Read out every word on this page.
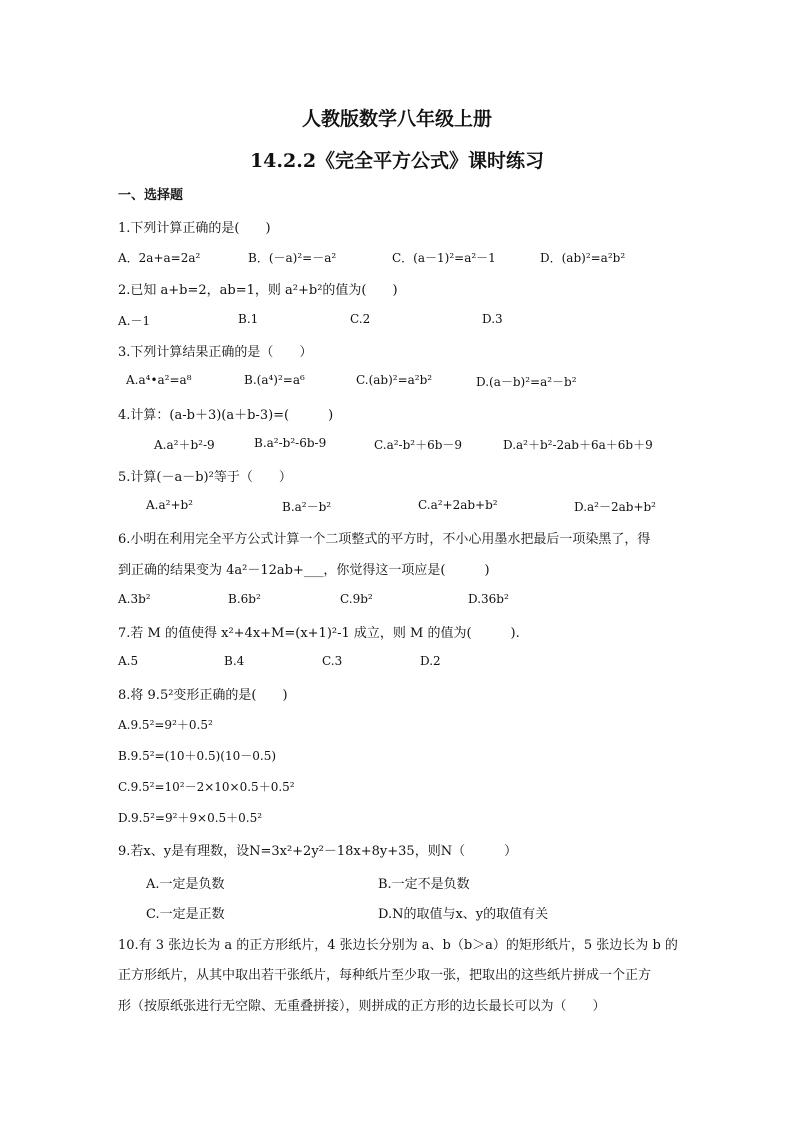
人教版数学八年级上册
14.2.2《完全平方公式》课时练习
一、选择题
1.下列计算正确的是(　　)
A．2a+a=2a²	B．(－a)²=－a²	C．(a－1)²=a²－1	D．(ab)²=a²b²
2.已知 a+b=2，ab=1，则 a²+b²的值为(　　)
A.－1	B.1	C.2	D.3
3.下列计算结果正确的是（　　）
A.a⁴•a²=a⁸	B.(a⁴)²=a⁶	C.(ab)²=a²b²	D.(a－b)²=a²－b²
4.计算：(a-b＋3)(a＋b-3)=(　　　)
A.a²＋b²-9	B.a²-b²-6b-9	C.a²-b²＋6b－9	D.a²＋b²-2ab＋6a＋6b＋9
5.计算(－a－b)²等于（　　）
A.a²+b²	B.a²－b²	C.a²+2ab+b²	D.a²－2ab+b²
6.小明在利用完全平方公式计算一个二项整式的平方时，不小心用墨水把最后一项染黑了，得
到正确的结果变为 4a²－12ab+___，你觉得这一项应是(　　　)
A.3b²	B.6b²	C.9b²	D.36b²
7.若 M 的值使得 x²+4x+M=(x+1)²-1 成立，则 M 的值为(　　　).
A.5	B.4	C.3	D.2
8.将 9.5²变形正确的是(　　)
A.9.5²=9²＋0.5²
B.9.5²=(10＋0.5)(10－0.5)
C.9.5²=10²－2×10×0.5＋0.5²
D.9.5²=9²＋9×0.5＋0.5²
9.若x、y是有理数，设N=3x²+2y²－18x+8y+35，则N（　　　）
A.一定是负数	B.一定不是负数
C.一定是正数	D.N的取值与x、y的取值有关
10.有 3 张边长为 a 的正方形纸片，4 张边长分别为 a、b（b＞a）的矩形纸片，5 张边长为 b 的
正方形纸片，从其中取出若干张纸片，每种纸片至少取一张，把取出的这些纸片拼成一个正方
形（按原纸张进行无空隙、无重叠拼接），则拼成的正方形的边长最长可以为（　　）
